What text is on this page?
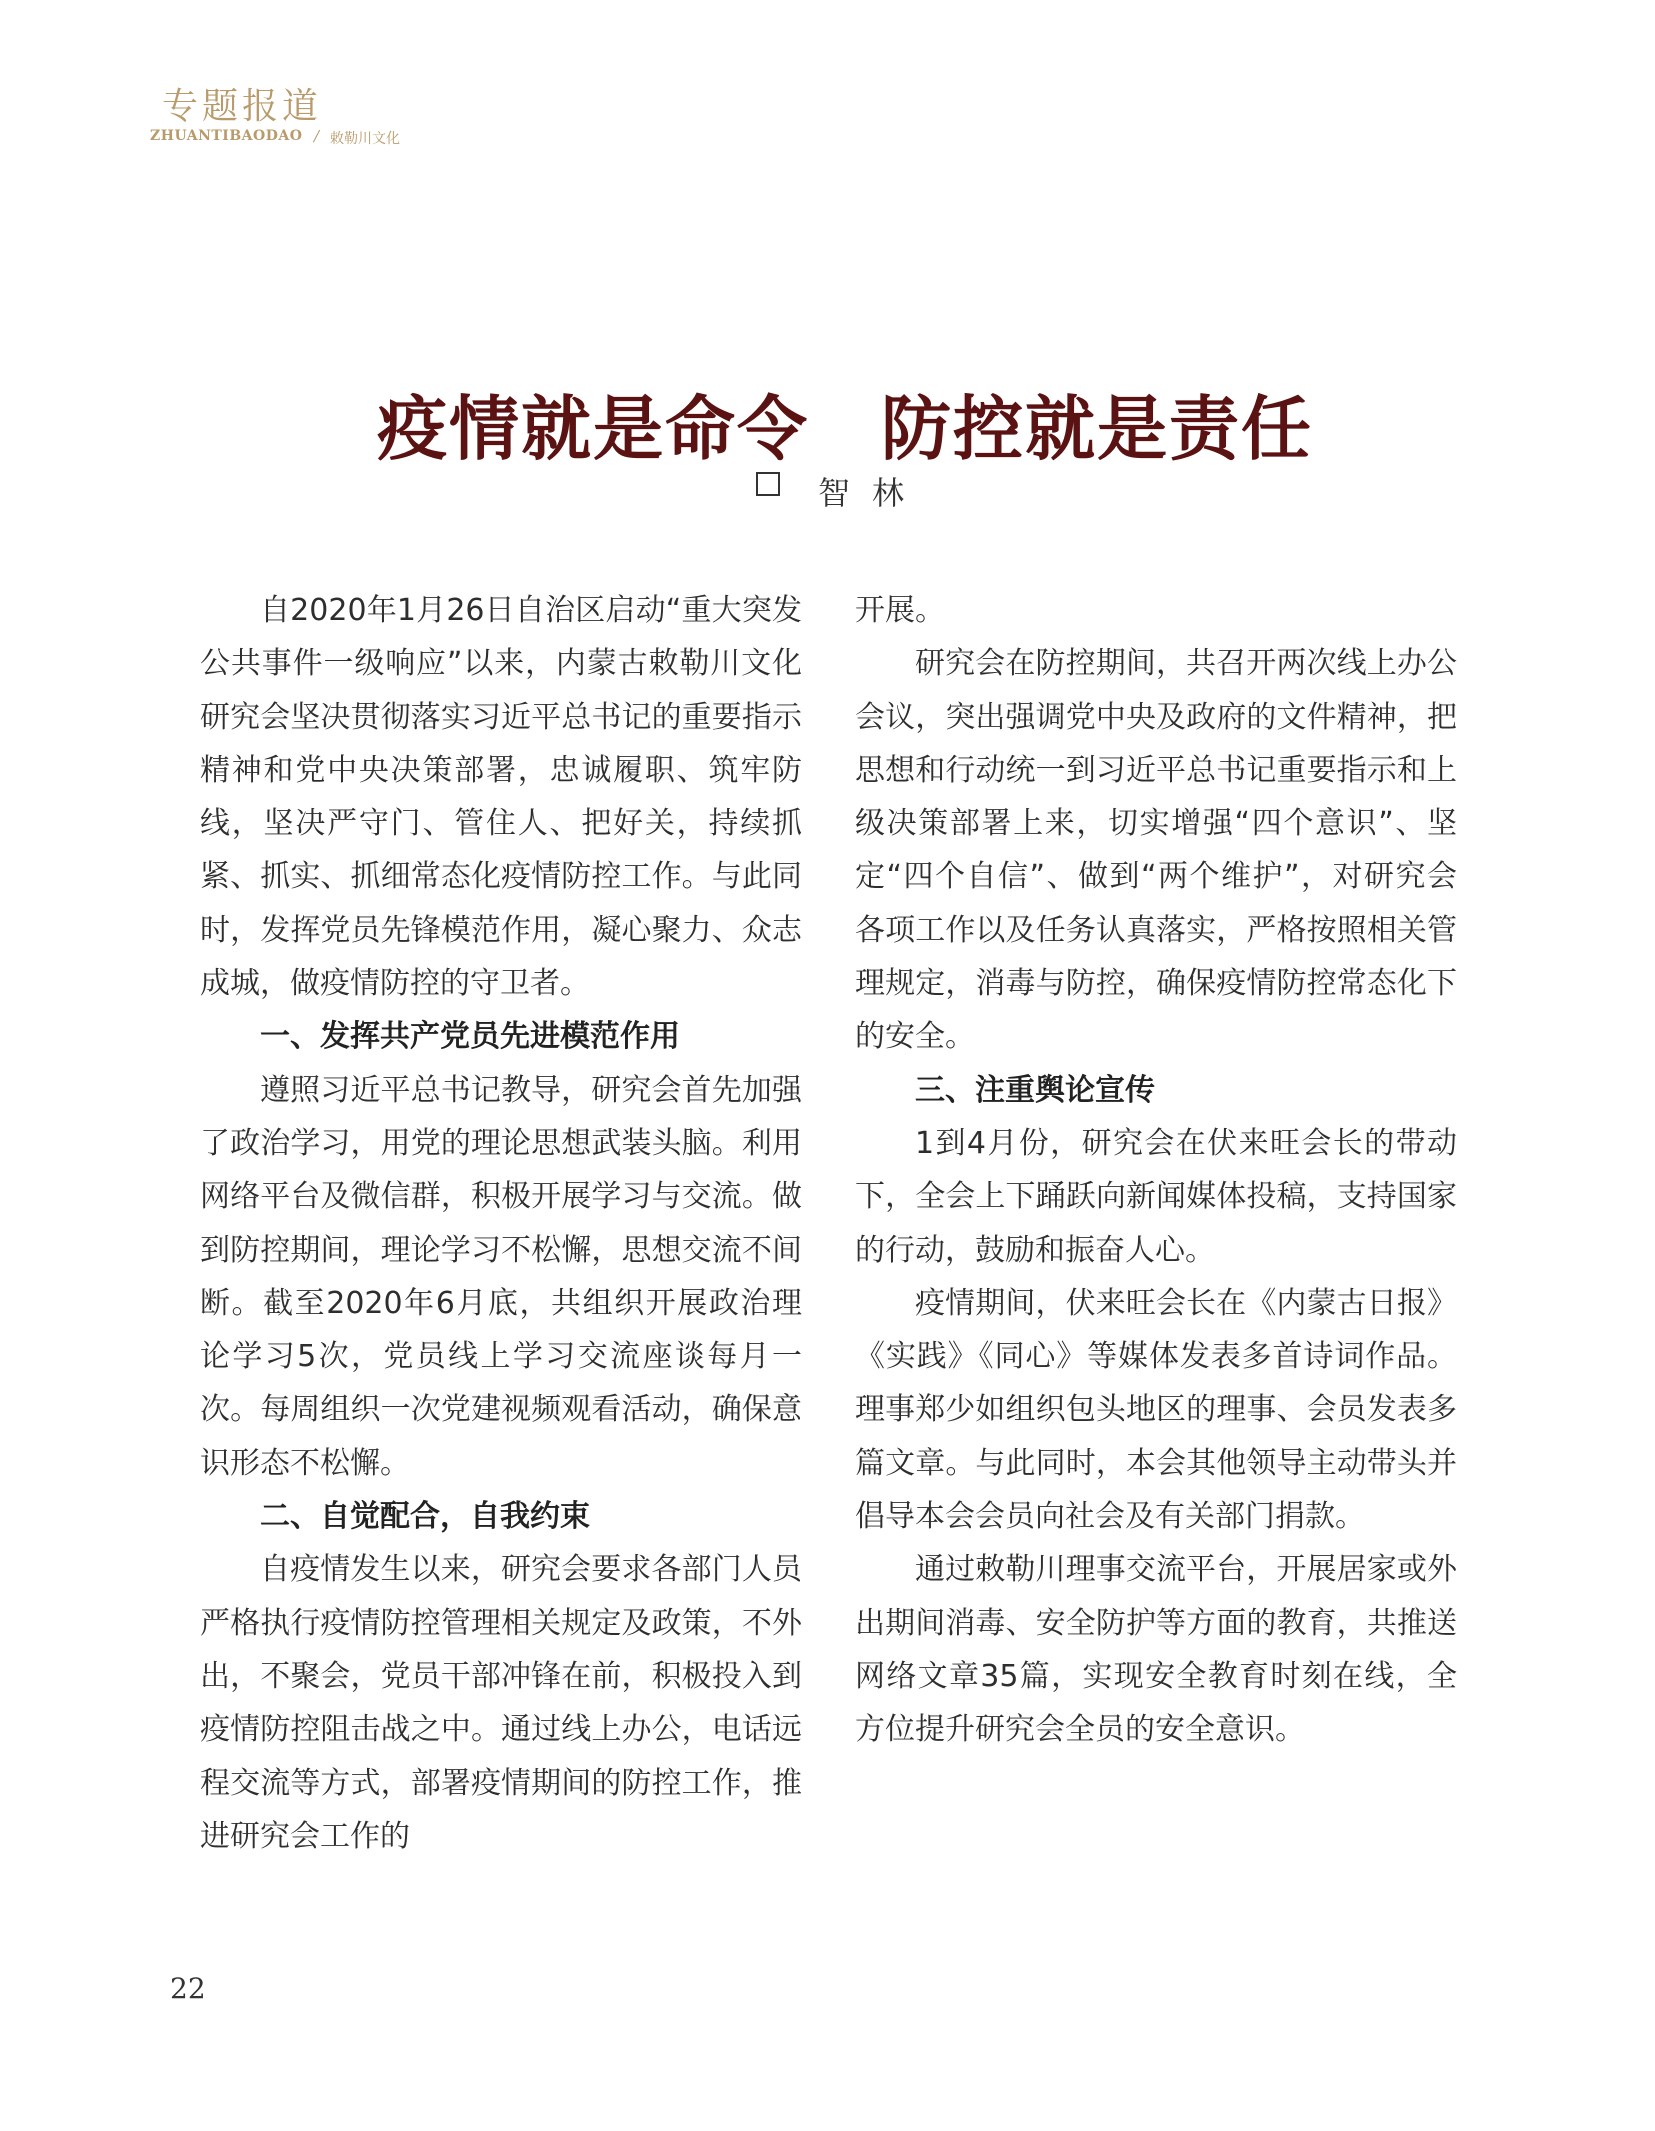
专题报道
ZHUANTIBAODAO / 敕勒川文化
疫情就是命令　防控就是责任
智林

自2020年1月26日自治区启动“重大突发公共事件一级响应”以来，内蒙古敕勒川文化研究会坚决贯彻落实习近平总书记的重要指示精神和党中央决策部署，忠诚履职、筑牢防线，坚决严守门、管住人、把好关，持续抓紧、抓实、抓细常态化疫情防控工作。与此同时，发挥党员先锋模范作用，凝心聚力、众志成城，做疫情防控的守卫者。

一、发挥共产党员先进模范作用

遵照习近平总书记教导，研究会首先加强了政治学习，用党的理论思想武装头脑。利用网络平台及微信群，积极开展学习与交流。做到防控期间，理论学习不松懈，思想交流不间断。截至2020年6月底，共组织开展政治理论学习5次，党员线上学习交流座谈每月一次。每周组织一次党建视频观看活动，确保意识形态不松懈。

二、自觉配合，自我约束

自疫情发生以来，研究会要求各部门人员严格执行疫情防控管理相关规定及政策，不外出，不聚会，党员干部冲锋在前，积极投入到疫情防控阻击战之中。通过线上办公，电话远程交流等方式，部署疫情期间的防控工作，推进研究会工作的

开展。

研究会在防控期间，共召开两次线上办公会议，突出强调党中央及政府的文件精神，把思想和行动统一到习近平总书记重要指示和上级决策部署上来，切实增强“四个意识”、坚定“四个自信”、做到“两个维护”，对研究会各项工作以及任务认真落实，严格按照相关管理规定，消毒与防控，确保疫情防控常态化下的安全。

三、注重舆论宣传

1到4月份，研究会在伏来旺会长的带动下，全会上下踊跃向新闻媒体投稿，支持国家的行动，鼓励和振奋人心。

疫情期间，伏来旺会长在《内蒙古日报》《实践》《同心》等媒体发表多首诗词作品。理事郑少如组织包头地区的理事、会员发表多篇文章。与此同时，本会其他领导主动带头并倡导本会会员向社会及有关部门捐款。

通过敕勒川理事交流平台，开展居家或外出期间消毒、安全防护等方面的教育，共推送网络文章35篇，实现安全教育时刻在线，全方位提升研究会全员的安全意识。

22
